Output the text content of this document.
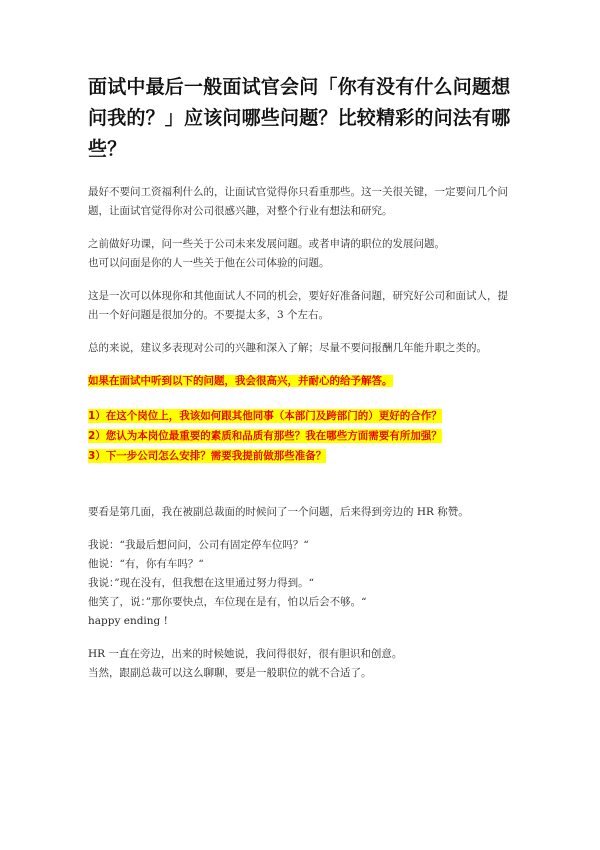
面试中最后一般面试官会问「你有没有什么问题想问我的？」应该问哪些问题？比较精彩的问法有哪些？
最好不要问工资福利什么的，让面试官觉得你只看重那些。这一关很关键，一定要问几个问
题，让面试官觉得你对公司很感兴趣，对整个行业有想法和研究。
之前做好功课，问一些关于公司未来发展问题。或者申请的职位的发展问题。
也可以问面是你的人一些关于他在公司体验的问题。
这是一次可以体现你和其他面试人不同的机会，要好好准备问题，研究好公司和面试人，提
出一个好问题是很加分的。不要提太多，3 个左右。
总的来说，建议多表现对公司的兴趣和深入了解；尽量不要问报酬几年能升职之类的。
如果在面试中听到以下的问题，我会很高兴，并耐心的给予解答。
1）在这个岗位上，我该如何跟其他同事（本部门及跨部门的）更好的合作？
2）您认为本岗位最重要的素质和品质有那些？我在哪些方面需要有所加强？
3）下一步公司怎么安排？需要我提前做那些准备？
要看是第几面，我在被副总裁面的时候问了一个问题，后来得到旁边的 HR 称赞。
我说：“我最后想问问，公司有固定停车位吗？“
他说：“有，你有车吗？“
我说：”现在没有，但我想在这里通过努力得到。“
他笑了，说：”那你要快点，车位现在是有，怕以后会不够。“
happy ending !
HR 一直在旁边，出来的时候她说，我问得很好，很有胆识和创意。
当然，跟副总裁可以这么聊聊，要是一般职位的就不合适了。
